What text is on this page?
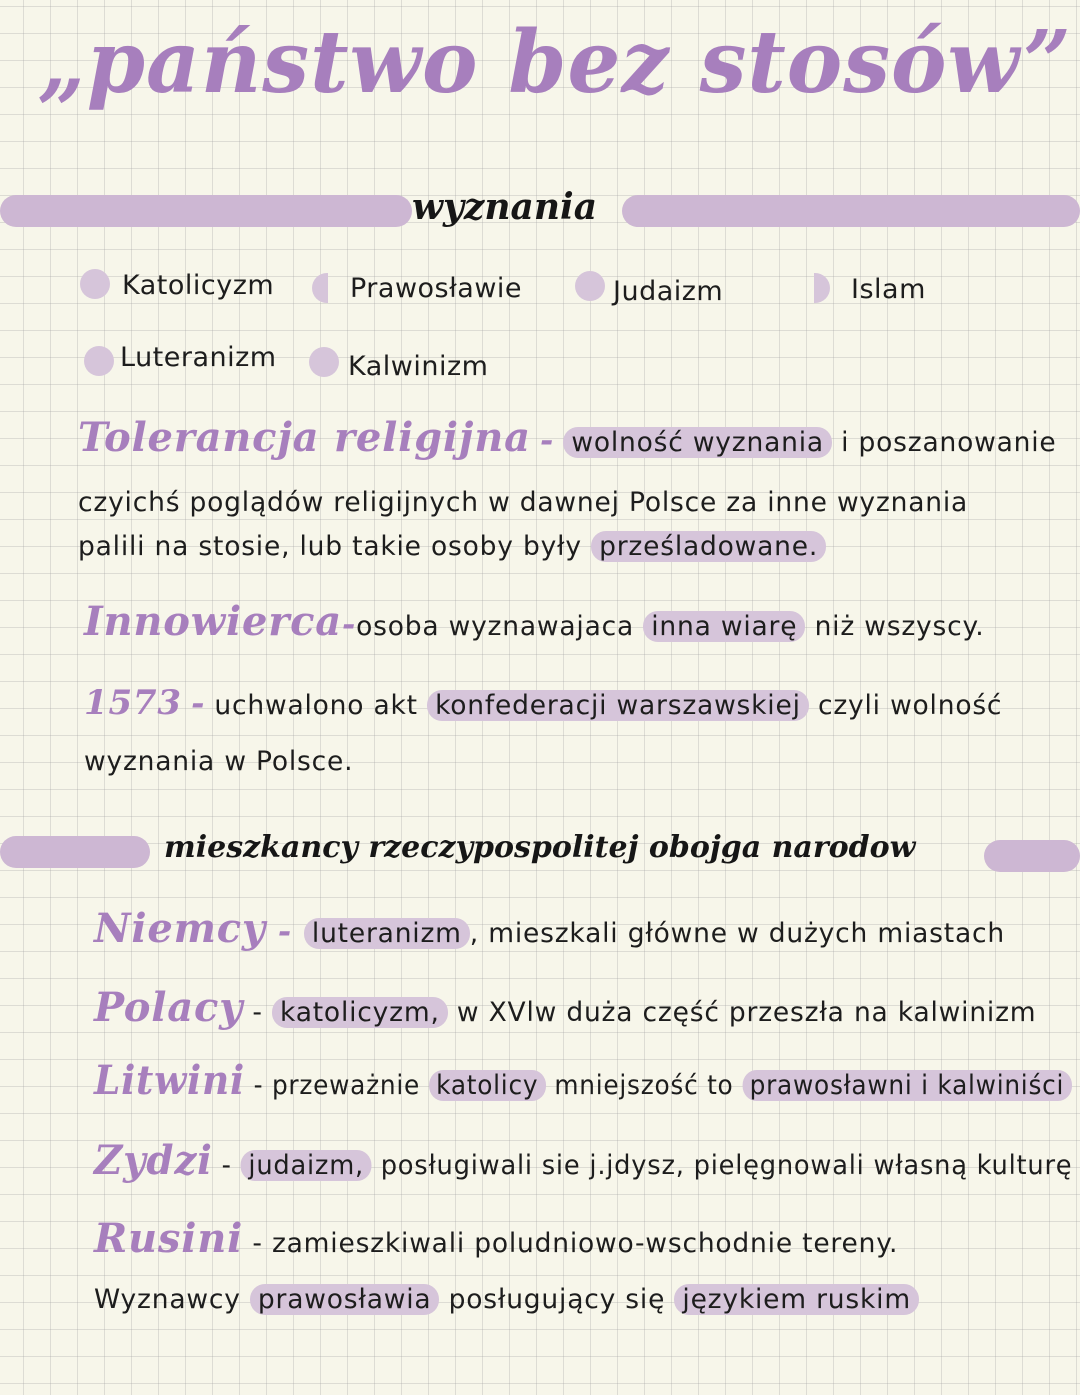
„państwo bez stosów”
wyznania
Katolicyzm	Prawosławie	Judaizm	Islam
Luteranizm	Kalwinizm
Tolerancja religijna - wolność wyznania i poszanowanie
czyichś poglądów religijnych w dawnej Polsce za inne wyznania
palili na stosie, lub takie osoby były prześladowane.
Innowierca-osoba wyznawajaca inna wiarę niż wszyscy.
1573 - uchwalono akt konfederacji warszawskiej czyli wolność
wyznania w Polsce.
mieszkancy rzeczypospolitej obojga narodow
Niemcy - luteranizm , mieszkali główne w dużych miastach
Polacy - katolicyzm, w XVlw duża część przeszła na kalwinizm
Litwini - przeważnie katolicy mniejszość to prawosławni i kalwiniści
Zydzi - judaizm, posługiwali sie j.jdysz, pielęgnowali własną kulturę
Rusini - zamieszkiwali poludniowo-wschodnie tereny.
Wyznawcy prawosławia posługujący się językiem ruskim
